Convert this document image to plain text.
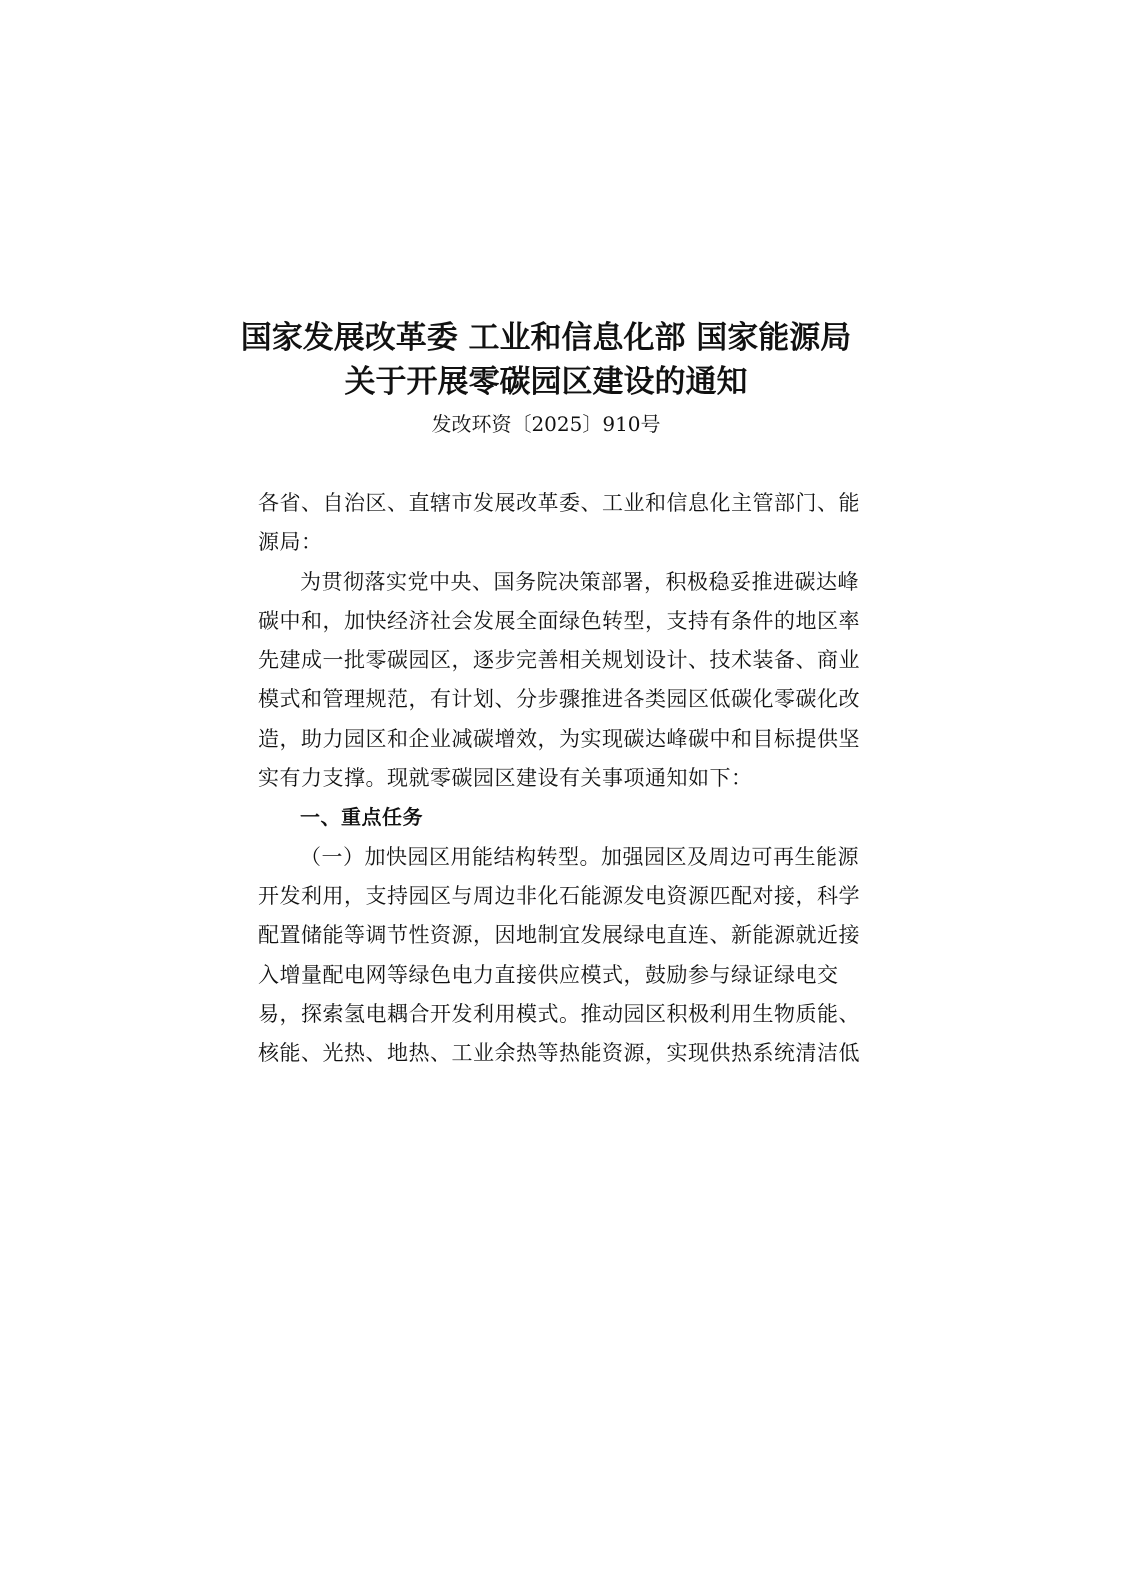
国家发展改革委 工业和信息化部 国家能源局
关于开展零碳园区建设的通知
发改环资〔2025〕910号
各省、自治区、直辖市发展改革委、工业和信息化主管部门、能
源局：
为贯彻落实党中央、国务院决策部署，积极稳妥推进碳达峰
碳中和，加快经济社会发展全面绿色转型，支持有条件的地区率
先建成一批零碳园区，逐步完善相关规划设计、技术装备、商业
模式和管理规范，有计划、分步骤推进各类园区低碳化零碳化改
造，助力园区和企业减碳增效，为实现碳达峰碳中和目标提供坚
实有力支撑。现就零碳园区建设有关事项通知如下：
一、重点任务
（一）加快园区用能结构转型。加强园区及周边可再生能源
开发利用，支持园区与周边非化石能源发电资源匹配对接，科学
配置储能等调节性资源，因地制宜发展绿电直连、新能源就近接
入增量配电网等绿色电力直接供应模式，鼓励参与绿证绿电交
易，探索氢电耦合开发利用模式。推动园区积极利用生物质能、
核能、光热、地热、工业余热等热能资源，实现供热系统清洁低
